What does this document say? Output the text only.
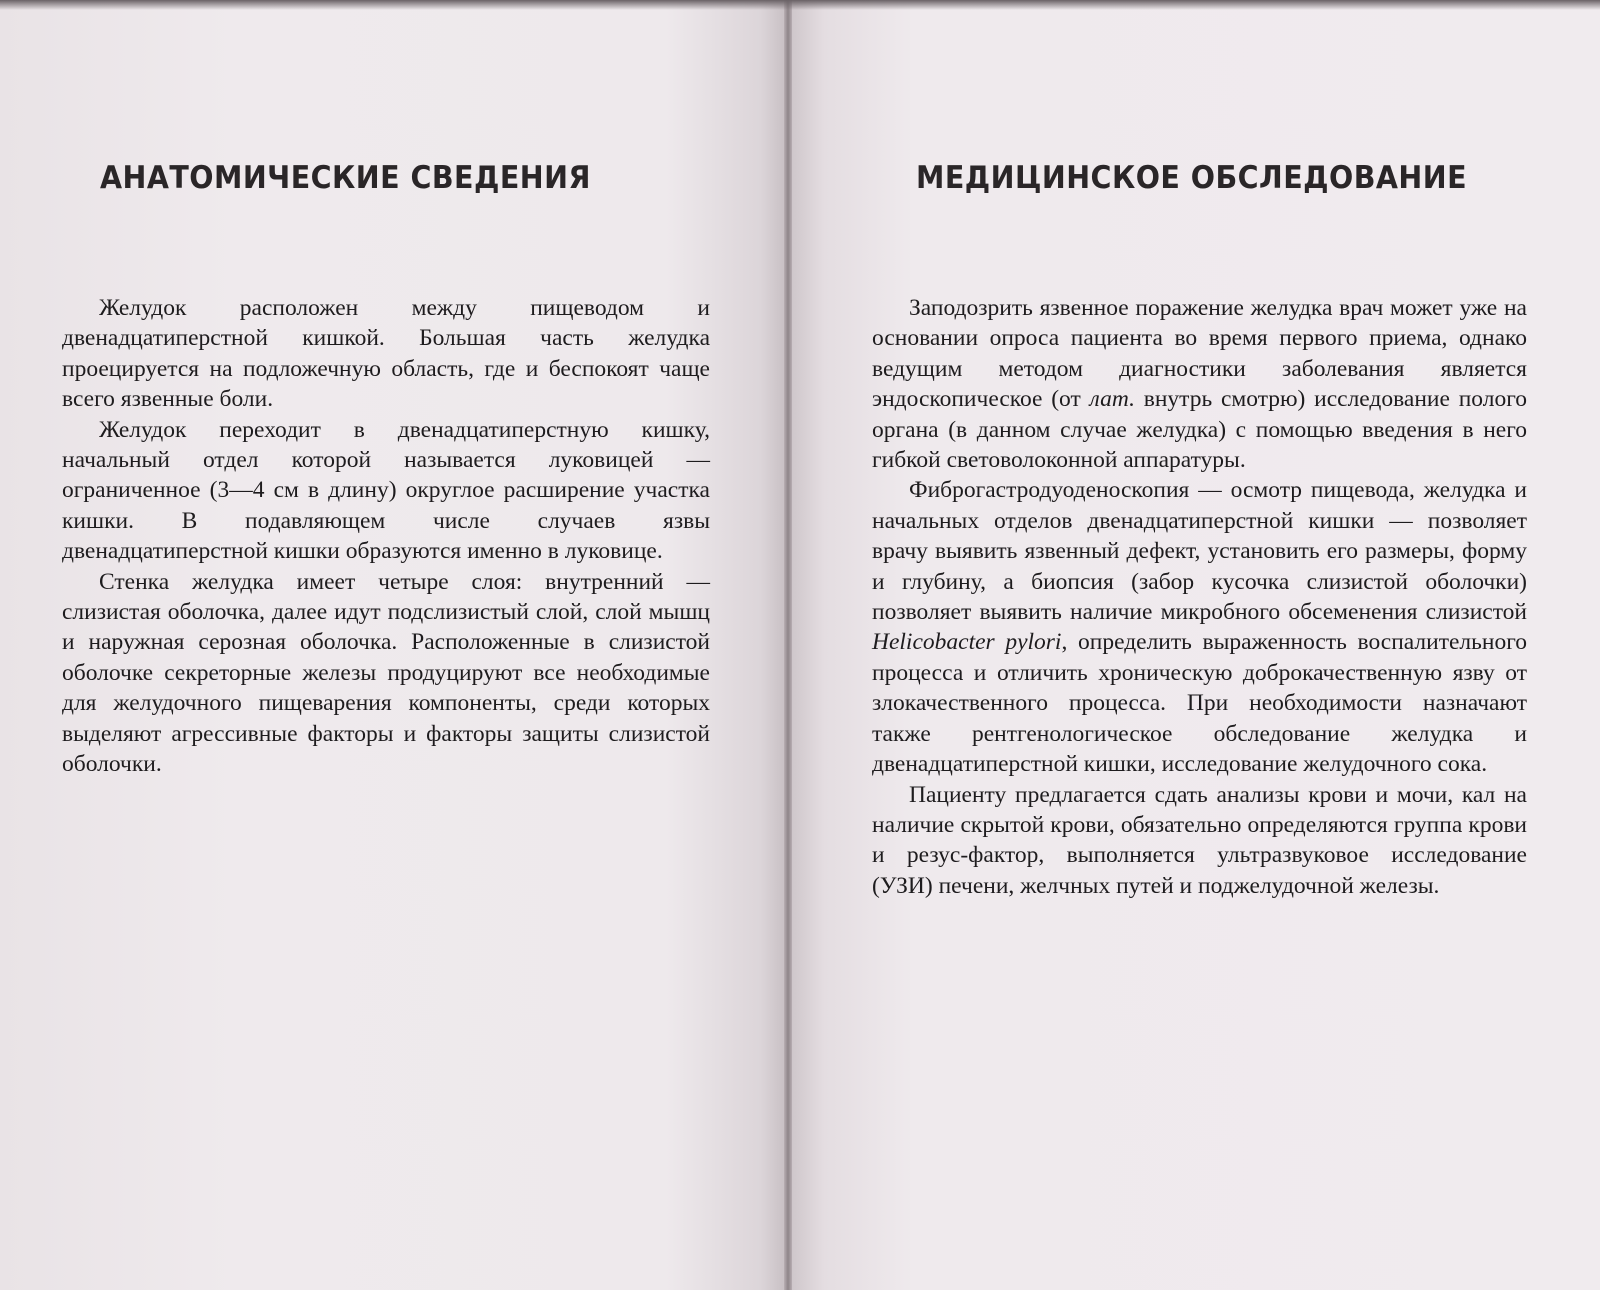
АНАТОМИЧЕСКИЕ СВЕДЕНИЯ

Желудок расположен между пищеводом и двенадцатиперстной кишкой. Большая часть желудка проецируется на подложечную область, где и беспокоят чаще всего язвенные боли.

Желудок переходит в двенадцатиперстную кишку, начальный отдел которой называется луковицей — ограниченное (3—4 см в длину) округлое расширение участка кишки. В подавляющем числе случаев язвы двенадцатиперстной кишки образуются именно в луковице.

Стенка желудка имеет четыре слоя: внутренний — слизистая оболочка, далее идут подслизистый слой, слой мышц и наружная серозная оболочка. Расположенные в слизистой оболочке секреторные железы продуцируют все необходимые для желудочного пищеварения компоненты, среди которых выделяют агрессивные факторы и факторы защиты слизистой оболочки.

МЕДИЦИНСКОЕ ОБСЛЕДОВАНИЕ

Заподозрить язвенное поражение желудка врач может уже на основании опроса пациента во время первого приема, однако ведущим методом диагностики заболевания является эндоскопическое (от лат. внутрь смотрю) исследование полого органа (в данном случае желудка) с помощью введения в него гибкой световолоконной аппаратуры.

Фиброгастродуоденоскопия — осмотр пищевода, желудка и начальных отделов двенадцатиперстной кишки — позволяет врачу выявить язвенный дефект, установить его размеры, форму и глубину, а биопсия (забор кусочка слизистой оболочки) позволяет выявить наличие микробного обсеменения слизистой Helicobacter pylori, определить выраженность воспалительного процесса и отличить хроническую доброкачественную язву от злокачественного процесса. При необходимости назначают также рентгенологическое обследование желудка и двенадцатиперстной кишки, исследование желудочного сока.

Пациенту предлагается сдать анализы крови и мочи, кал на наличие скрытой крови, обязательно определяются группа крови и резус-фактор, выполняется ультразвуковое исследование (УЗИ) печени, желчных путей и поджелудочной железы.
